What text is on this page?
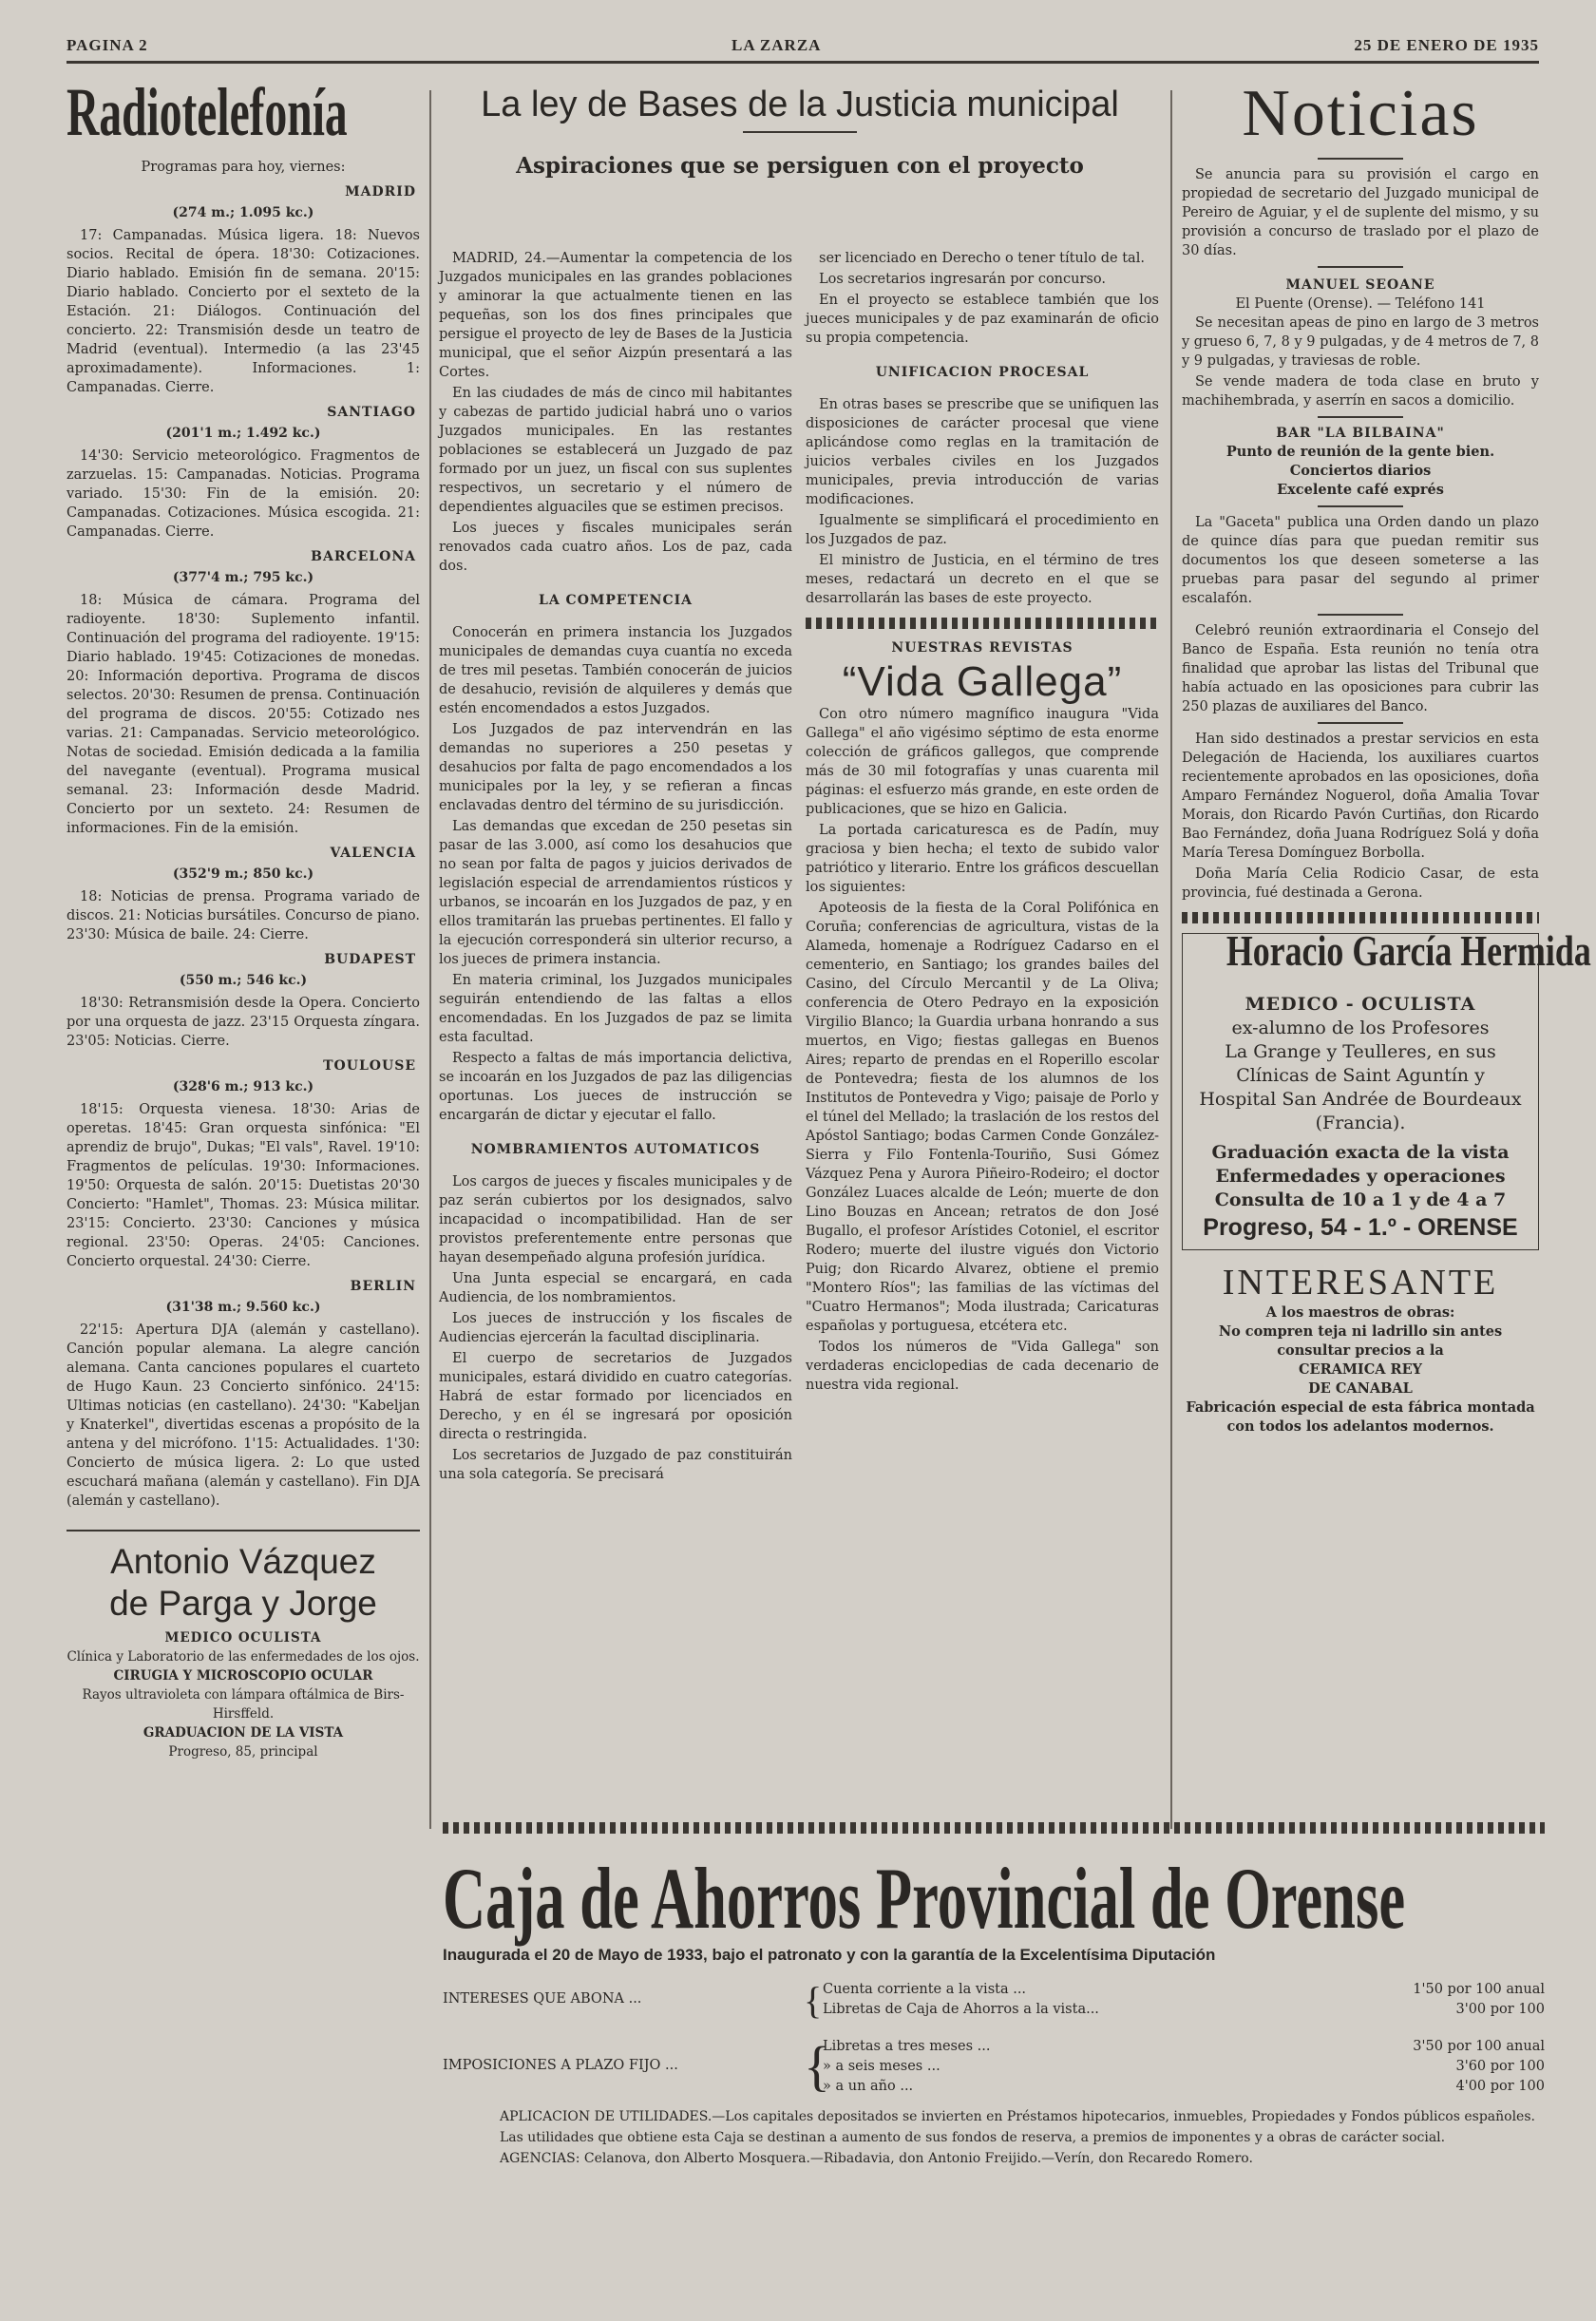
PAGINA 2	LA ZARZA	25 DE ENERO DE 1935
Radiotelefonía
Programas para hoy, viernes:
MADRID
(274 m.; 1.095 kc.)

17: Campanadas. Música ligera. 18: Nuevos socios. Recital de ópera. 18'30: Cotizaciones. Diario hablado. Emisión fin de semana. 20'15: Diario hablado. Concierto por el sexteto de la Estación. 21: Diálogos. Continuación del concierto. 22: Transmisión desde un teatro de Madrid (eventual). Intermedio (a las 23'45 aproximadamente). Informaciones. 1: Campanadas. Cierre.

SANTIAGO
(201'1 m.; 1.492 kc.)

14'30: Servicio meteorológico. Fragmentos de zarzuelas. 15: Campanadas. Noticias. Programa variado. 15'30: Fin de la emisión. 20: Campanadas. Cotizaciones. Música escogida. 21: Campanadas. Cierre.

BARCELONA
(377'4 m.; 795 kc.)

18: Música de cámara. Programa del radioyente. 18'30: Suplemento infantil. Continuación del programa del radioyente. 19'15: Diario hablado. 19'45: Cotizaciones de monedas. 20: Información deportiva. Programa de discos selectos. 20'30: Resumen de prensa. Continuación del programa de discos. 20'55: Cotizado nes varias. 21: Campanadas. Servicio meteorológico. Notas de sociedad. Emisión dedicada a la familia del navegante (eventual). Programa musical semanal. 23: Información desde Madrid. Concierto por un sexteto. 24: Resumen de informaciones. Fin de la emisión.

VALENCIA
(352'9 m.; 850 kc.)

18: Noticias de prensa. Programa variado de discos. 21: Noticias bursátiles. Concurso de piano. 23'30: Música de baile. 24: Cierre.

BUDAPEST
(550 m.; 546 kc.)

18'30: Retransmisión desde la Opera. Concierto por una orquesta de jazz. 23'15 Orquesta zíngara. 23'05: Noticias. Cierre.

TOULOUSE
(328'6 m.; 913 kc.)

18'15: Orquesta vienesa. 18'30: Arias de operetas. 18'45: Gran orquesta sinfónica: "El aprendiz de brujo", Dukas; "El vals", Ravel. 19'10: Fragmentos de películas. 19'30: Informaciones. 19'50: Orquesta de salón. 20'15: Duetistas 20'30 Concierto: "Hamlet", Thomas. 23: Música militar. 23'15: Concierto. 23'30: Canciones y música regional. 23'50: Operas. 24'05: Canciones. Concierto orquestal. 24'30: Cierre.

BERLIN
(31'38 m.; 9.560 kc.)

22'15: Apertura DJA (alemán y castellano). Canción popular alemana. La alegre canción alemana. Canta canciones populares el cuarteto de Hugo Kaun. 23 Concierto sinfónico. 24'15: Ultimas noticias (en castellano). 24'30: "Kabeljan y Knaterkel", divertidas escenas a propósito de la antena y del micrófono. 1'15: Actualidades. 1'30: Concierto de música ligera. 2: Lo que usted escuchará mañana (alemán y castellano). Fin DJA (alemán y castellano).

Antonio Vázquez
de Parga y Jorge
MEDICO OCULISTA
Clínica y Laboratorio de las enfermedades de los ojos.
CIRUGIA Y MICROSCOPIO OCULAR
Rayos ultravioleta con lámpara oftálmica de Birs-Hirsffeld.
GRADUACION DE LA VISTA
Progreso, 85, principal
La ley de Bases de la Justicia municipal
Aspiraciones que se persiguen con el proyecto

MADRID, 24.—Aumentar la competencia de los Juzgados municipales en las grandes poblaciones y aminorar la que actualmente tienen en las pequeñas, son los dos fines principales que persigue el proyecto de ley de Bases de la Justicia municipal, que el señor Aizpún presentará a las Cortes.

En las ciudades de más de cinco mil habitantes y cabezas de partido judicial habrá uno o varios Juzgados municipales. En las restantes poblaciones se establecerá un Juzgado de paz formado por un juez, un fiscal con sus suplentes respectivos, un secretario y el número de dependientes alguaciles que se estimen precisos.

Los jueces y fiscales municipales serán renovados cada cuatro años. Los de paz, cada dos.

LA COMPETENCIA

Conocerán en primera instancia los Juzgados municipales de demandas cuya cuantía no exceda de tres mil pesetas. También conocerán de juicios de desahucio, revisión de alquileres y demás que estén encomendados a estos Juzgados.

Los Juzgados de paz intervendrán en las demandas no superiores a 250 pesetas y desahucios por falta de pago encomendados a los municipales por la ley, y se refieran a fincas enclavadas dentro del término de su jurisdicción.

Las demandas que excedan de 250 pesetas sin pasar de las 3.000, así como los desahucios que no sean por falta de pagos y juicios derivados de legislación especial de arrendamientos rústicos y urbanos, se incoarán en los Juzgados de paz, y en ellos tramitarán las pruebas pertinentes. El fallo y la ejecución corresponderá sin ulterior recurso, a los jueces de primera instancia.

En materia criminal, los Juzgados municipales seguirán entendiendo de las faltas a ellos encomendadas. En los Juzgados de paz se limita esta facultad.

Respecto a faltas de más importancia delictiva, se incoarán en los Juzgados de paz las diligencias oportunas. Los jueces de instrucción se encargarán de dictar y ejecutar el fallo.

NOMBRAMIENTOS AUTOMATICOS

Los cargos de jueces y fiscales municipales y de paz serán cubiertos por los designados, salvo incapacidad o incompatibilidad. Han de ser provistos preferentemente entre personas que hayan desempeñado alguna profesión jurídica.

Una Junta especial se encargará, en cada Audiencia, de los nombramientos.

Los jueces de instrucción y los fiscales de Audiencias ejercerán la facultad disciplinaria.

El cuerpo de secretarios de Juzgados municipales, estará dividido en cuatro categorías. Habrá de estar formado por licenciados en Derecho, y en él se ingresará por oposición directa o restringida.

Los secretarios de Juzgado de paz constituirán una sola categoría. Se precisará

ser licenciado en Derecho o tener título de tal.

Los secretarios ingresarán por concurso.

En el proyecto se establece también que los jueces municipales y de paz examinarán de oficio su propia competencia.

UNIFICACION PROCESAL

En otras bases se prescribe que se unifiquen las disposiciones de carácter procesal que viene aplicándose como reglas en la tramitación de juicios verbales civiles en los Juzgados municipales, previa introducción de varias modificaciones.

Igualmente se simplificará el procedimiento en los Juzgados de paz.

El ministro de Justicia, en el término de tres meses, redactará un decreto en el que se desarrollarán las bases de este proyecto.

NUESTRAS REVISTAS
“Vida Gallega”

Con otro número magnífico inaugura "Vida Gallega" el año vigésimo séptimo de esta enorme colección de gráficos gallegos, que comprende más de 30 mil fotografías y unas cuarenta mil páginas: el esfuerzo más grande, en este orden de publicaciones, que se hizo en Galicia.

La portada caricaturesca es de Padín, muy graciosa y bien hecha; el texto de subido valor patriótico y literario. Entre los gráficos descuellan los siguientes:

Apoteosis de la fiesta de la Coral Polifónica en Coruña; conferencias de agricultura, vistas de la Alameda, homenaje a Rodríguez Cadarso en el cementerio, en Santiago; los grandes bailes del Casino, del Círculo Mercantil y de La Oliva; conferencia de Otero Pedrayo en la exposición Virgilio Blanco; la Guardia urbana honrando a sus muertos, en Vigo; fiestas gallegas en Buenos Aires; reparto de prendas en el Roperillo escolar de Pontevedra; fiesta de los alumnos de los Institutos de Pontevedra y Vigo; paisaje de Porlo y el túnel del Mellado; la traslación de los restos del Apóstol Santiago; bodas Carmen Conde González- Sierra y Filo Fontenla-Touriño, Susi Gómez Vázquez Pena y Aurora Piñeiro-Rodeiro; el doctor González Luaces alcalde de León; muerte de don Lino Bouzas en Ancean; retratos de don José Bugallo, el profesor Arístides Cotoniel, el escritor Rodero; muerte del ilustre vigués don Victorio Puig; don Ricardo Alvarez, obtiene el premio "Montero Ríos"; las familias de las víctimas del "Cuatro Hermanos"; Moda ilustrada; Caricaturas españolas y portuguesa, etcétera etc.

Todos los números de "Vida Gallega" son verdaderas enciclopedias de cada decenario de nuestra vida regional.

Noticias

Se anuncia para su provisión el cargo en propiedad de secretario del Juzgado municipal de Pereiro de Aguiar, y el de suplente del mismo, y su provisión a concurso de traslado por el plazo de 30 días.

MANUEL SEOANE
El Puente (Orense). — Teléfono 141

Se necesitan apeas de pino en largo de 3 metros y grueso 6, 7, 8 y 9 pulgadas, y de 4 metros de 7, 8 y 9 pulgadas, y traviesas de roble.

Se vende madera de toda clase en bruto y machihembrada, y aserrín en sacos a domicilio.

BAR "LA BILBAINA"
Punto de reunión de la gente bien.
Conciertos diarios
Excelente café exprés

La "Gaceta" publica una Orden dando un plazo de quince días para que puedan remitir sus documentos los que deseen someterse a las pruebas para pasar del segundo al primer escalafón.

Celebró reunión extraordinaria el Consejo del Banco de España. Esta reunión no tenía otra finalidad que aprobar las listas del Tribunal que había actuado en las oposiciones para cubrir las 250 plazas de auxiliares del Banco.

Han sido destinados a prestar servicios en esta Delegación de Hacienda, los auxiliares cuartos recientemente aprobados en las oposiciones, doña Amparo Fernández Noguerol, doña Amalia Tovar Morais, don Ricardo Pavón Curtiñas, don Ricardo Bao Fernández, doña Juana Rodríguez Solá y doña María Teresa Domínguez Borbolla.

Doña María Celia Rodicio Casar, de esta provincia, fué destinada a Gerona.

Horacio García Hermida
MEDICO - OCULISTA
ex-alumno de los Profesores
La Grange y Teulleres, en sus
Clínicas de Saint Aguntín y
Hospital San Andrée de Bourdeaux (Francia).
Graduación exacta de la vista
Enfermedades y operaciones
Consulta de 10 a 1 y de 4 a 7
Progreso, 54 - 1.º - ORENSE
INTERESANTE
A los maestros de obras:
No compren teja ni ladrillo sin antes consultar precios a la
CERAMICA REY
DE CANABAL
Fabricación especial de esta fábrica montada con todos los adelantos modernos.
Caja de Ahorros Provincial de Orense
Inaugurada el 20 de Mayo de 1933, bajo el patronato y con la garantía de la Excelentísima Diputación
INTERESES QUE ABONA ...	{ Cuenta corriente a la vista ...	1'50 por 100 anual
Libretas de Caja de Ahorros a la vista...	3'00 por 100
IMPOSICIONES A PLAZO FIJO ... {
Libretas a tres meses ...	3'50 por 100 anual
» a seis meses ...	3'60 por 100
» a un año ...	4'00 por 100
APLICACION DE UTILIDADES.—Los capitales depositados se invierten en Préstamos hipotecarios, inmuebles, Propiedades y Fondos públicos españoles.
Las utilidades que obtiene esta Caja se destinan a aumento de sus fondos de reserva, a premios de imponentes y a obras de carácter social.
AGENCIAS: Celanova, don Alberto Mosquera.—Ribadavia, don Antonio Freijido.—Verín, don Recaredo Romero.
